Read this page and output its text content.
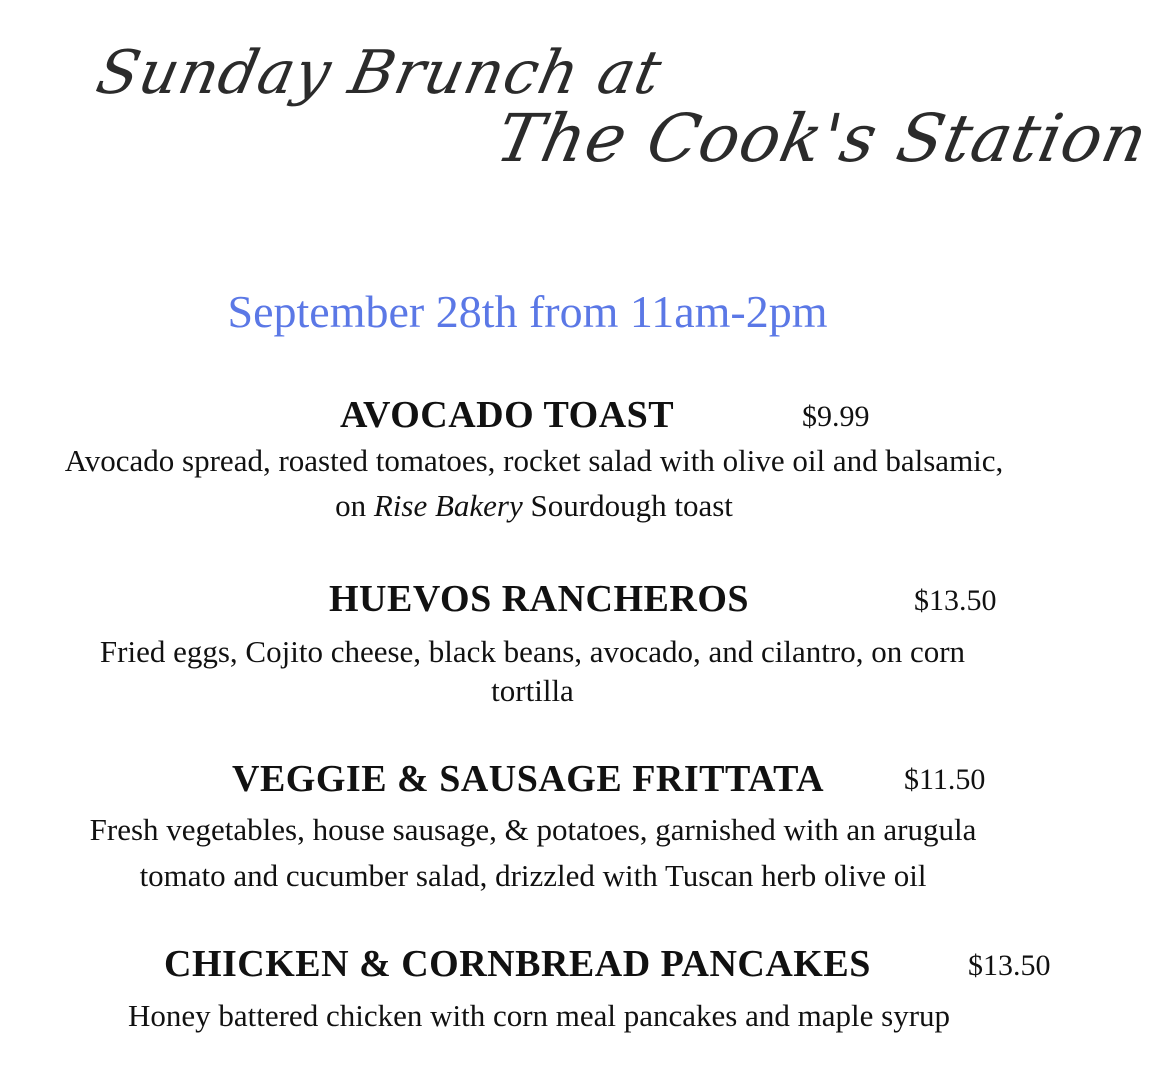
Sunday Brunch at
The Cook's Station
September 28th from 11am-2pm
AVOCADO TOAST	$9.99
Avocado spread, roasted tomatoes, rocket salad with olive oil and balsamic,
on Rise Bakery Sourdough toast
HUEVOS RANCHEROS	$13.50
Fried eggs, Cojito cheese, black beans, avocado, and cilantro, on corn
tortilla
VEGGIE & SAUSAGE FRITTATA	$11.50
Fresh vegetables, house sausage, & potatoes, garnished with an arugula
tomato and cucumber salad, drizzled with Tuscan herb olive oil
CHICKEN & CORNBREAD PANCAKES	$13.50
Honey battered chicken with corn meal pancakes and maple syrup
